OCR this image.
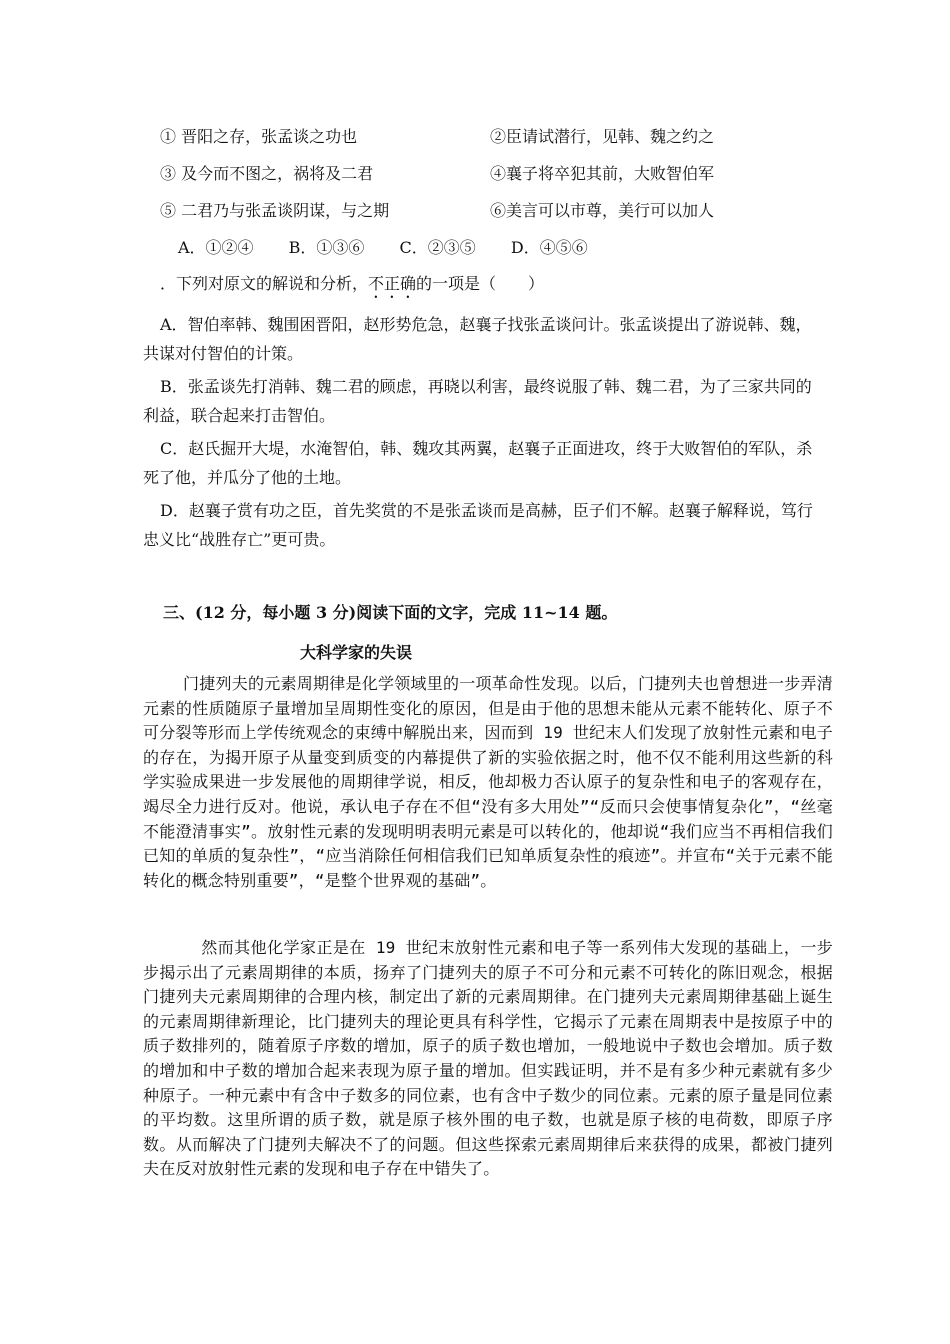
① 晋阳之存，张孟谈之功也	②臣请试潜行，见韩、魏之约之
③ 及今而不图之，祸将及二君	④襄子将卒犯其前，大败智伯军
⑤ 二君乃与张孟谈阴谋，与之期	⑥美言可以市尊，美行可以加人
A．①②④ B．①③⑥ C．②③⑤ D．④⑤⑥
．下列对原文的解说和分析，不正确的一项是（　　）
A．智伯率韩、魏围困晋阳，赵形势危急，赵襄子找张孟谈问计。张孟谈提出了游说韩、魏，共谋对付智伯的计策。
B．张孟谈先打消韩、魏二君的顾虑，再晓以利害，最终说服了韩、魏二君，为了三家共同的利益，联合起来打击智伯。
C．赵氏掘开大堤，水淹智伯，韩、魏攻其两翼，赵襄子正面进攻，终于大败智伯的军队，杀死了他，并瓜分了他的土地。
D．赵襄子赏有功之臣，首先奖赏的不是张孟谈而是高赫，臣子们不解。赵襄子解释说，笃行忠义比“战胜存亡”更可贵。
三、(12 分，每小题 3 分)阅读下面的文字，完成 11~14 题。
大科学家的失误
门捷列夫的元素周期律是化学领域里的一项革命性发现。以后，门捷列夫也曾想进一步弄清元素的性质随原子量增加呈周期性变化的原因，但是由于他的思想未能从元素不能转化、原子不可分裂等形而上学传统观念的束缚中解脱出来，因而到 19 世纪末人们发现了放射性元素和电子的存在，为揭开原子从量变到质变的内幕提供了新的实验依据之时，他不仅不能利用这些新的科学实验成果进一步发展他的周期律学说，相反，他却极力否认原子的复杂性和电子的客观存在，竭尽全力进行反对。他说，承认电子存在不但“没有多大用处”“反而只会使事情复杂化”，“丝毫不能澄清事实”。放射性元素的发现明明表明元素是可以转化的，他却说“我们应当不再相信我们已知的单质的复杂性”，“应当消除任何相信我们已知单质复杂性的痕迹”。并宣布“关于元素不能转化的概念特别重要”，“是整个世界观的基础”。
然而其他化学家正是在 19 世纪末放射性元素和电子等一系列伟大发现的基础上，一步步揭示出了元素周期律的本质，扬弃了门捷列夫的原子不可分和元素不可转化的陈旧观念，根据门捷列夫元素周期律的合理内核，制定出了新的元素周期律。在门捷列夫元素周期律基础上诞生的元素周期律新理论，比门捷列夫的理论更具有科学性，它揭示了元素在周期表中是按原子中的质子数排列的，随着原子序数的增加，原子的质子数也增加，一般地说中子数也会增加。质子数的增加和中子数的增加合起来表现为原子量的增加。但实践证明，并不是有多少种元素就有多少种原子。一种元素中有含中子数多的同位素，也有含中子数少的同位素。元素的原子量是同位素的平均数。这里所谓的质子数，就是原子核外围的电子数，也就是原子核的电荷数，即原子序数。从而解决了门捷列夫解决不了的问题。但这些探索元素周期律后来获得的成果，都被门捷列夫在反对放射性元素的发现和电子存在中错失了。
